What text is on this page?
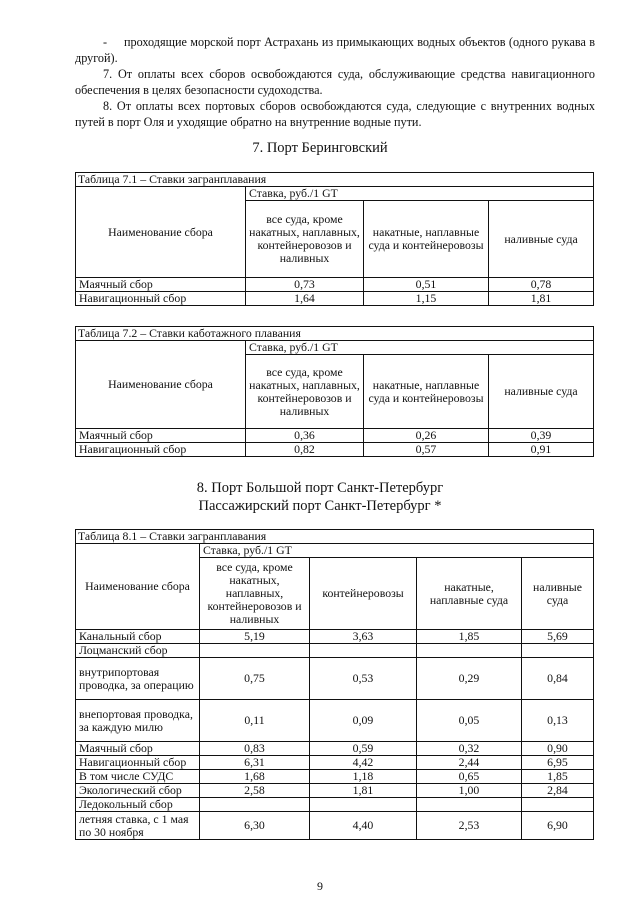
- проходящие морской порт Астрахань из примыкающих водных объектов (одного рукава в другой).

7. От оплаты всех сборов освобождаются суда, обслуживающие средства навигационного обеспечения в целях безопасности судоходства.

8. От оплаты всех портовых сборов освобождаются суда, следующие с внутренних водных путей в порт Оля и уходящие обратно на внутренние водные пути.

7. Порт Беринговский
Таблица 7.1 – Ставки загранплавания			
Наименование сбора	Ставка, руб./1 GT		
	все суда, кроме накатных, наплавных, контейнеровозов и наливных	накатные, наплавные суда и контейнеровозы	наливные суда
Маячный сбор	0,73	0,51	0,78
Навигационный сбор	1,64	1,15	1,81
Таблица 7.2 – Ставки каботажного плавания			
Наименование сбора	Ставка, руб./1 GT		
	все суда, кроме накатных, наплавных, контейнеровозов и наливных	накатные, наплавные суда и контейнеровозы	наливные суда
Маячный сбор	0,36	0,26	0,39
Навигационный сбор	0,82	0,57	0,91
8. Порт Большой порт Санкт-Петербург
Пассажирский порт Санкт-Петербург *
Таблица 8.1 – Ставки загранплавания				
Наименование сбора	Ставка, руб./1 GT			
	все суда, кроме накатных, наплавных, контейнеровозов и наливных	контейнеровозы	накатные, наплавные суда	наливные суда
Канальный сбор	5,19	3,63	1,85	5,69
Лоцманский сбор				
внутрипортовая проводка, за операцию	0,75	0,53	0,29	0,84
внепортовая проводка, за каждую милю	0,11	0,09	0,05	0,13
Маячный сбор	0,83	0,59	0,32	0,90
Навигационный сбор	6,31	4,42	2,44	6,95
В том числе СУДС	1,68	1,18	0,65	1,85
Экологический сбор	2,58	1,81	1,00	2,84
Ледокольный сбор				
летняя ставка, с 1 мая по 30 ноября	6,30	4,40	2,53	6,90
9
